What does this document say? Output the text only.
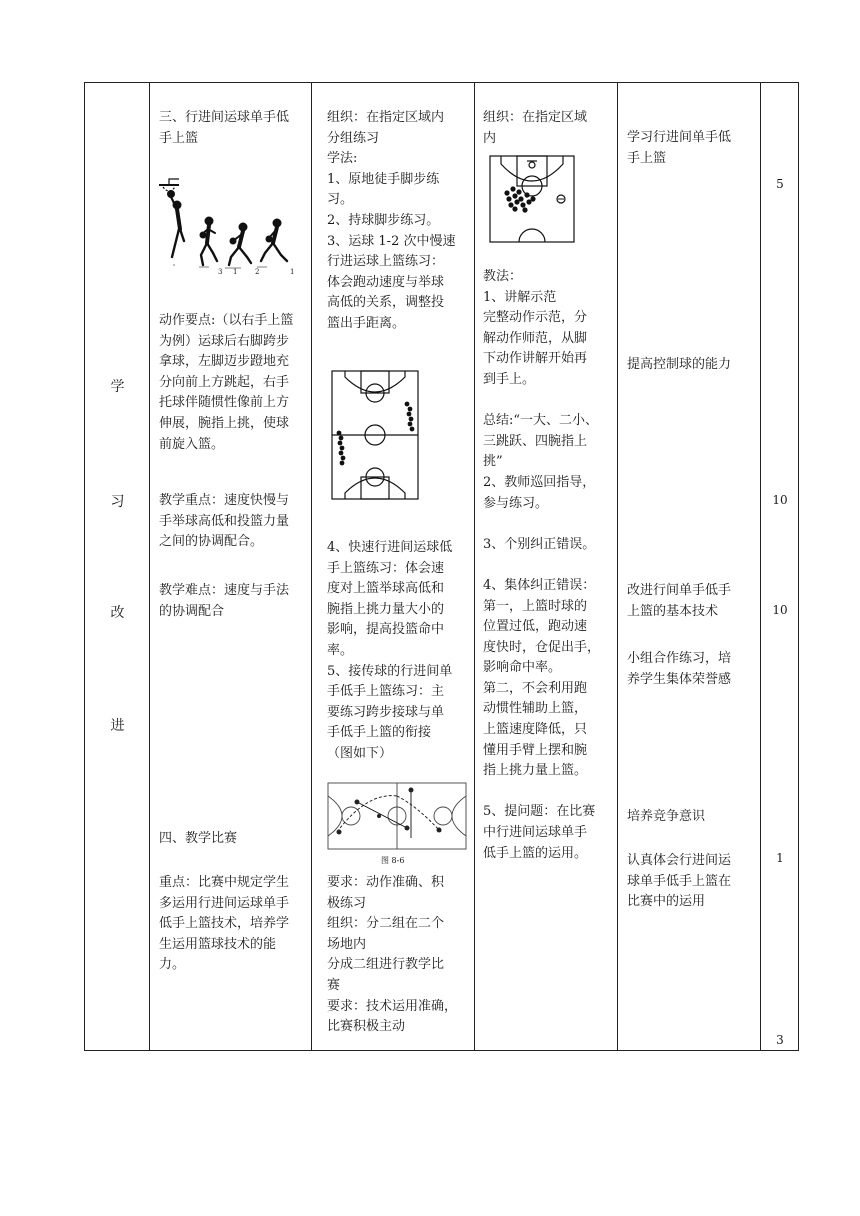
学
习
改
进
三、行进间运球单手低
手上篮
3 1	2	1
动作要点:（以右手上篮
为例）运球后右脚跨步
拿球，左脚迈步蹬地充
分向前上方跳起，右手
托球伴随惯性像前上方
伸展，腕指上挑，使球
前旋入篮。
教学重点：速度快慢与
手举球高低和投篮力量
之间的协调配合。
教学难点：速度与手法
的协调配合
四、教学比赛
重点：比赛中规定学生
多运用行进间运球单手
低手上篮技术，培养学
生运用篮球技术的能
力。
组织：在指定区域内
分组练习
学法:
1、原地徒手脚步练
习。
2、持球脚步练习。
3、运球 1-2 次中慢速
行进运球上篮练习：
体会跑动速度与举球
高低的关系，调整投
篮出手距离。
4、快速行进间运球低
手上篮练习：体会速
度对上篮举球高低和
腕指上挑力量大小的
影响，提高投篮命中
率。
5、接传球的行进间单
手低手上篮练习：主
要练习跨步接球与单
手低手上篮的衔接
（图如下）
图 8-6
要求：动作准确、积
极练习
组织：分二组在二个
场地内
分成二组进行教学比
赛
要求：技术运用准确，
比赛积极主动
组织：在指定区域
内
教法：
1、讲解示范
完整动作示范，分
解动作师范，从脚
下动作讲解开始再
到手上。

总结:“一大、二小、
三跳跃、四腕指上
挑”
2、教师巡回指导，
参与练习。

3、个别纠正错误。

4、集体纠正错误：
第一，上篮时球的
位置过低，跑动速
度快时，仓促出手，
影响命中率。
第二，不会利用跑
动惯性辅助上篮，
上篮速度降低，只
懂用手臂上摆和腕
指上挑力量上篮。

5、提问题：在比赛
中行进间运球单手
低手上篮的运用。
学习行进间单手低
手上篮
提高控制球的能力
改进行间单手低手
上篮的基本技术
小组合作练习，培
养学生集体荣誉感
培养竞争意识
认真体会行进间运
球单手低手上篮在
比赛中的运用
5
10
10
1
3
